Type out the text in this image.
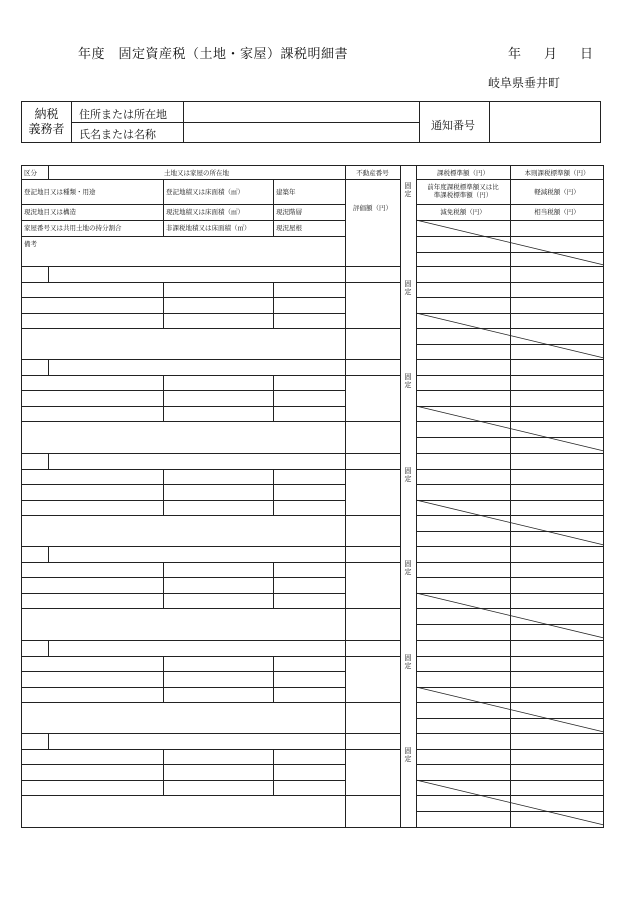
年度　固定資産税（土地・家屋）課税明細書	年 月 日
岐阜県垂井町
納税
義務者
住所または所在地
氏名または名称
通知番号
区分	土地又は家屋の所在地	不動産番号	課税標準額（円）	本則課税標準額（円）
登記地目又は種類・用途	登記地積又は床面積（㎡）	建築年
前年度課税標準額又は比
準課税標準額（円）	軽減税額（円）
現況地目又は構造	現況地積又は床面積（㎡）	現況階層	評価額（円）	減免税額（円）	相当税額（円）
家屋番号又は共用土地の持分割合	非課税地積又は床面積（㎡）	現況屋根
備考
固定
固定
固定
固定
固定
固定
固定
